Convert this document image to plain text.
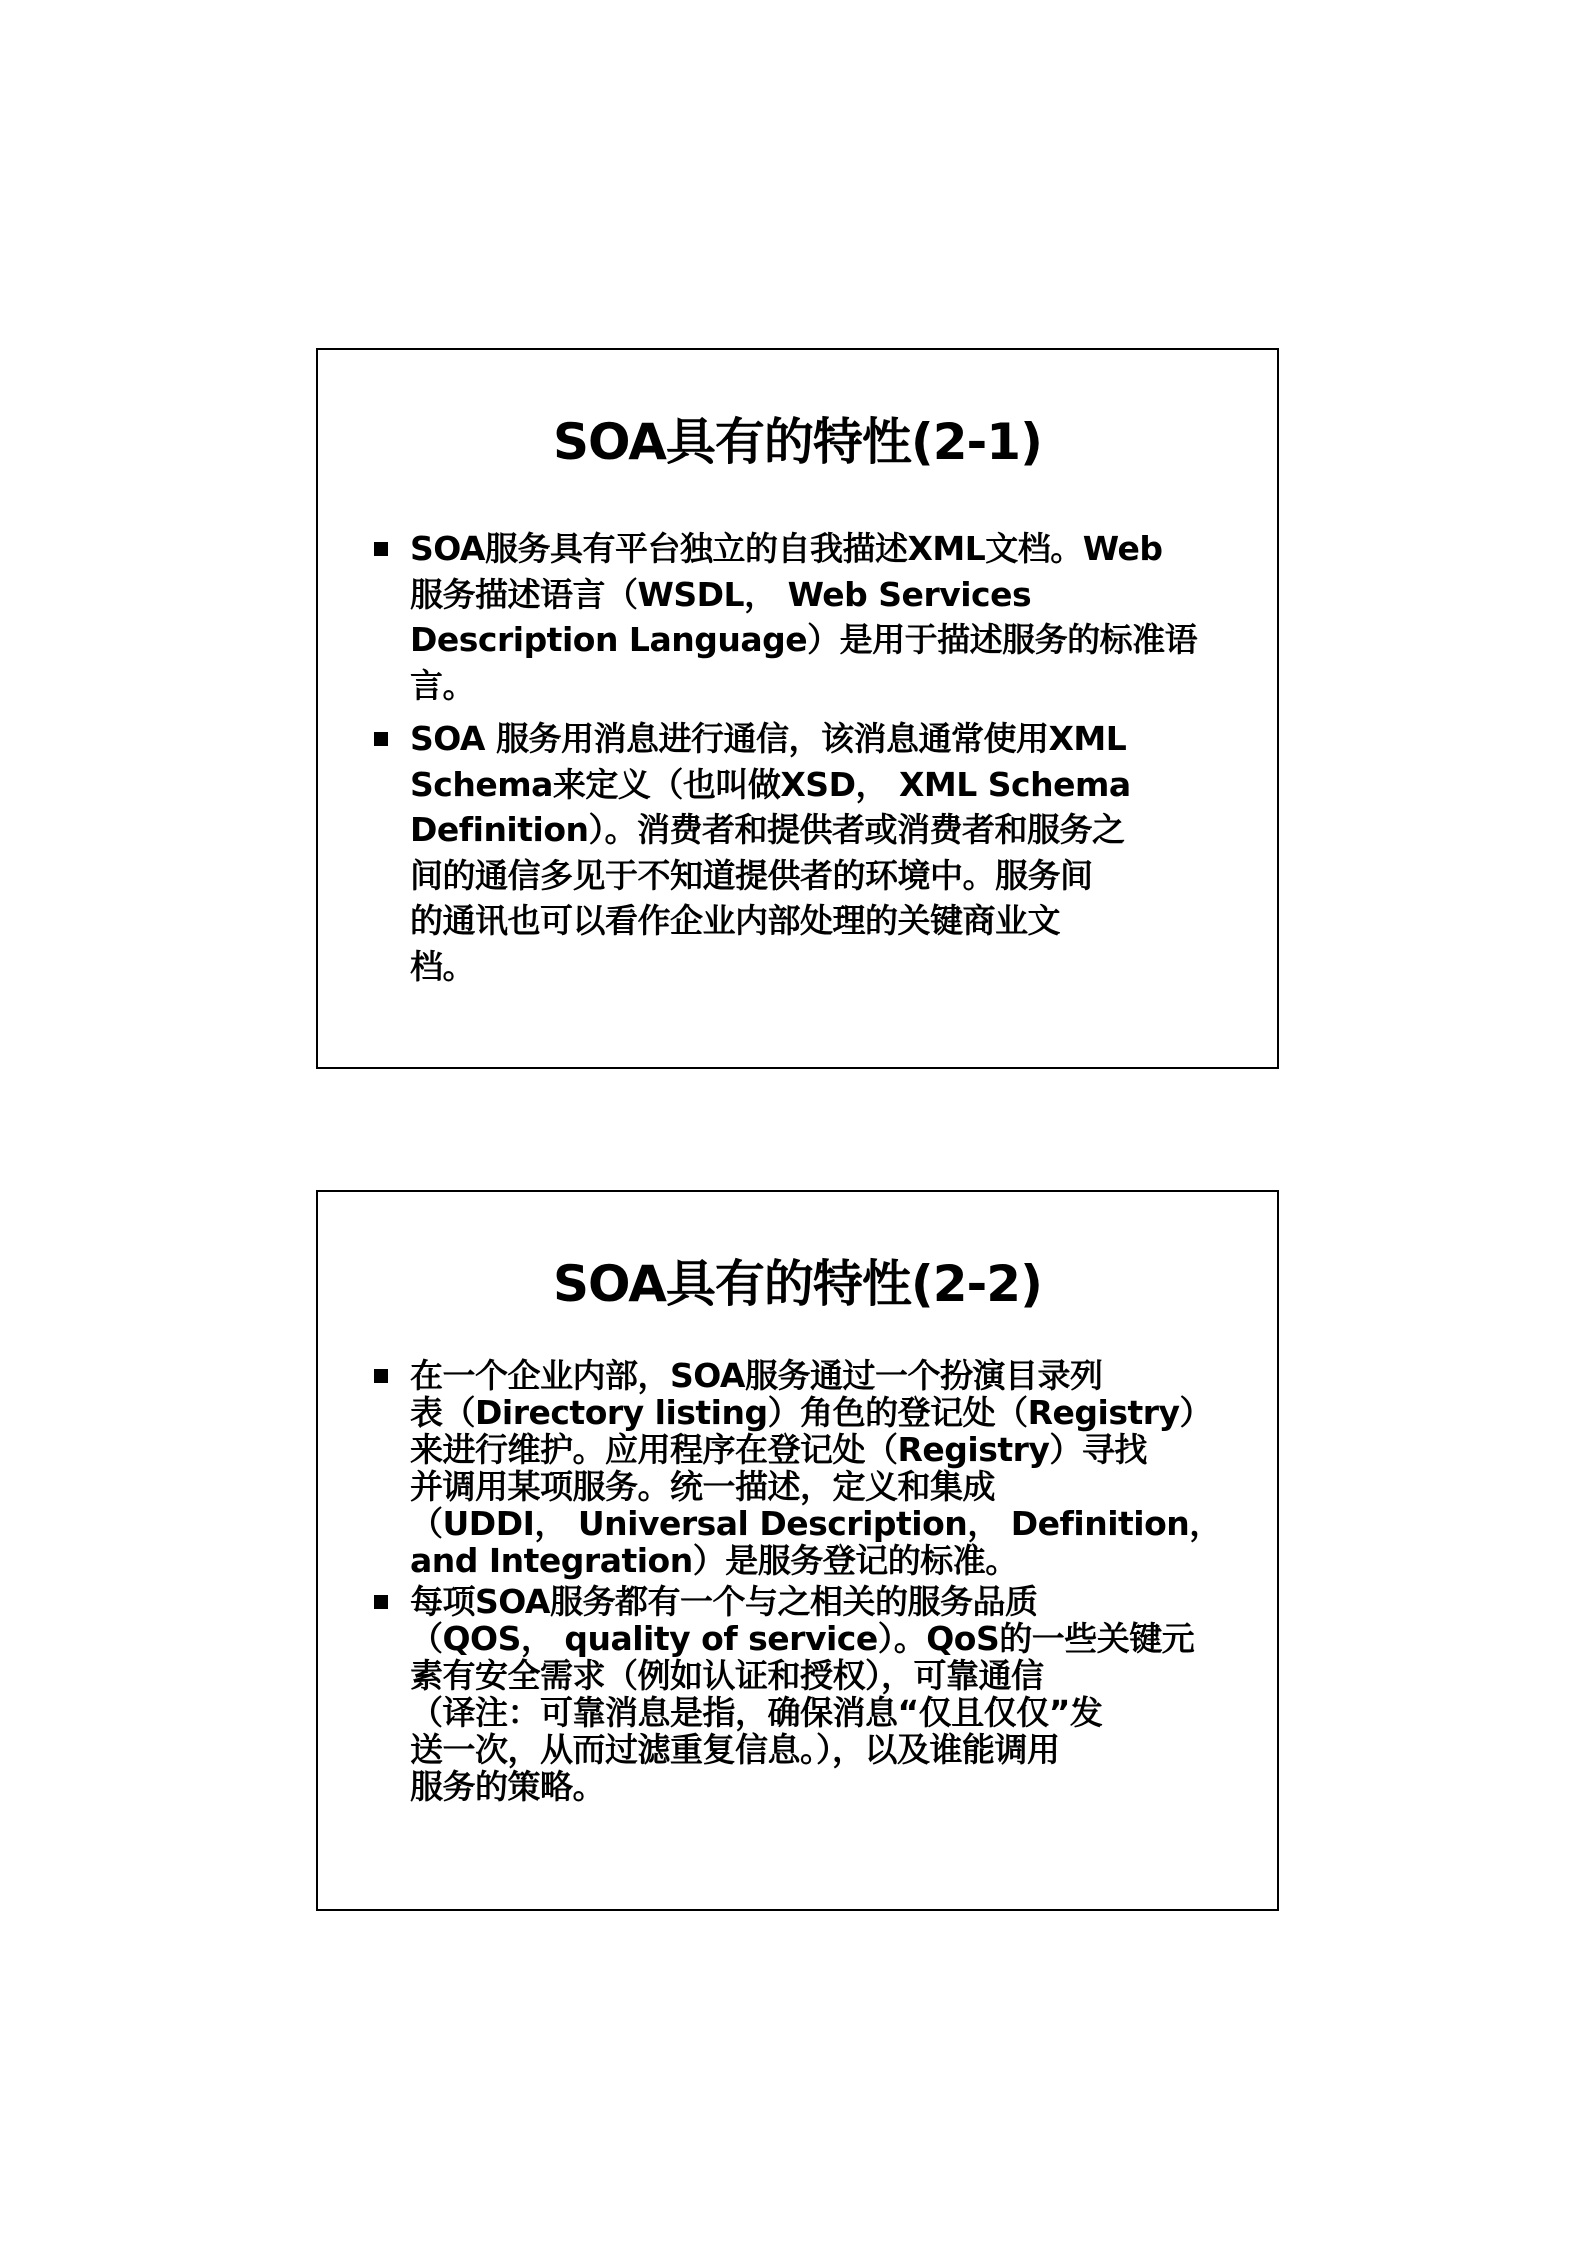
SOA具有的特性(2-1)
SOA服务具有平台独立的自我描述XML文档。Web
服务描述语言（WSDL， Web Services
Description Language）是用于描述服务的标准语
言。
SOA 服务用消息进行通信，该消息通常使用XML
Schema来定义（也叫做XSD， XML Schema
Definition）。消费者和提供者或消费者和服务之
间的通信多见于不知道提供者的环境中。服务间
的通讯也可以看作企业内部处理的关键商业文
档。
SOA具有的特性(2-2)
在一个企业内部，SOA服务通过一个扮演目录列
表（Directory listing）角色的登记处（Registry）
来进行维护。应用程序在登记处（Registry）寻找
并调用某项服务。统一描述，定义和集成
（UDDI， Universal Description， Definition，
and Integration）是服务登记的标准。
每项SOA服务都有一个与之相关的服务品质
（QOS， quality of service）。QoS的一些关键元
素有安全需求（例如认证和授权），可靠通信
（译注：可靠消息是指，确保消息“仅且仅仅”发
送一次，从而过滤重复信息。），以及谁能调用
服务的策略。
